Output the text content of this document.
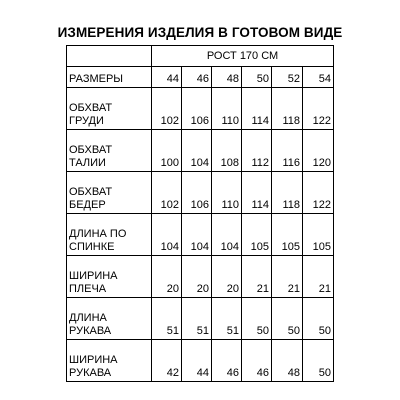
ИЗМЕРЕНИЯ ИЗДЕЛИЯ В ГОТОВОМ ВИДЕ
	РОСТ 170 СМ					
РАЗМЕРЫ	44	46	48	50	52	54
ОБХВАТ ГРУДИ	102	106	110	114	118	122
ОБХВАТ ТАЛИИ	100	104	108	112	116	120
ОБХВАТ БЕДЕР	102	106	110	114	118	122
ДЛИНА ПО СПИНКЕ	104	104	104	105	105	105
ШИРИНА ПЛЕЧА	20	20	20	21	21	21
ДЛИНА РУКАВА	51	51	51	50	50	50
ШИРИНА РУКАВА	42	44	46	46	48	50
